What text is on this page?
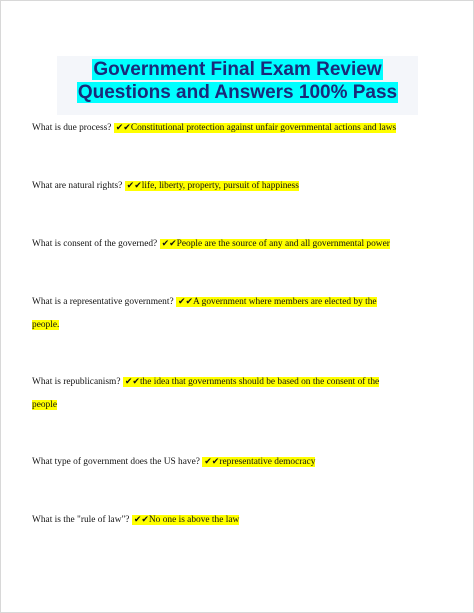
Government Final Exam Review
Questions and Answers 100% Pass
What is due process? ✔✔Constitutional protection against unfair governmental actions and laws
What are natural rights? ✔✔life, liberty, property, pursuit of happiness
What is consent of the governed? ✔✔People are the source of any and all governmental power
What is a representative government? ✔✔A government where members are elected by the
people.
What is republicanism? ✔✔the idea that governments should be based on the consent of the
people
What type of government does the US have? ✔✔representative democracy
What is the "rule of law"? ✔✔No one is above the law
